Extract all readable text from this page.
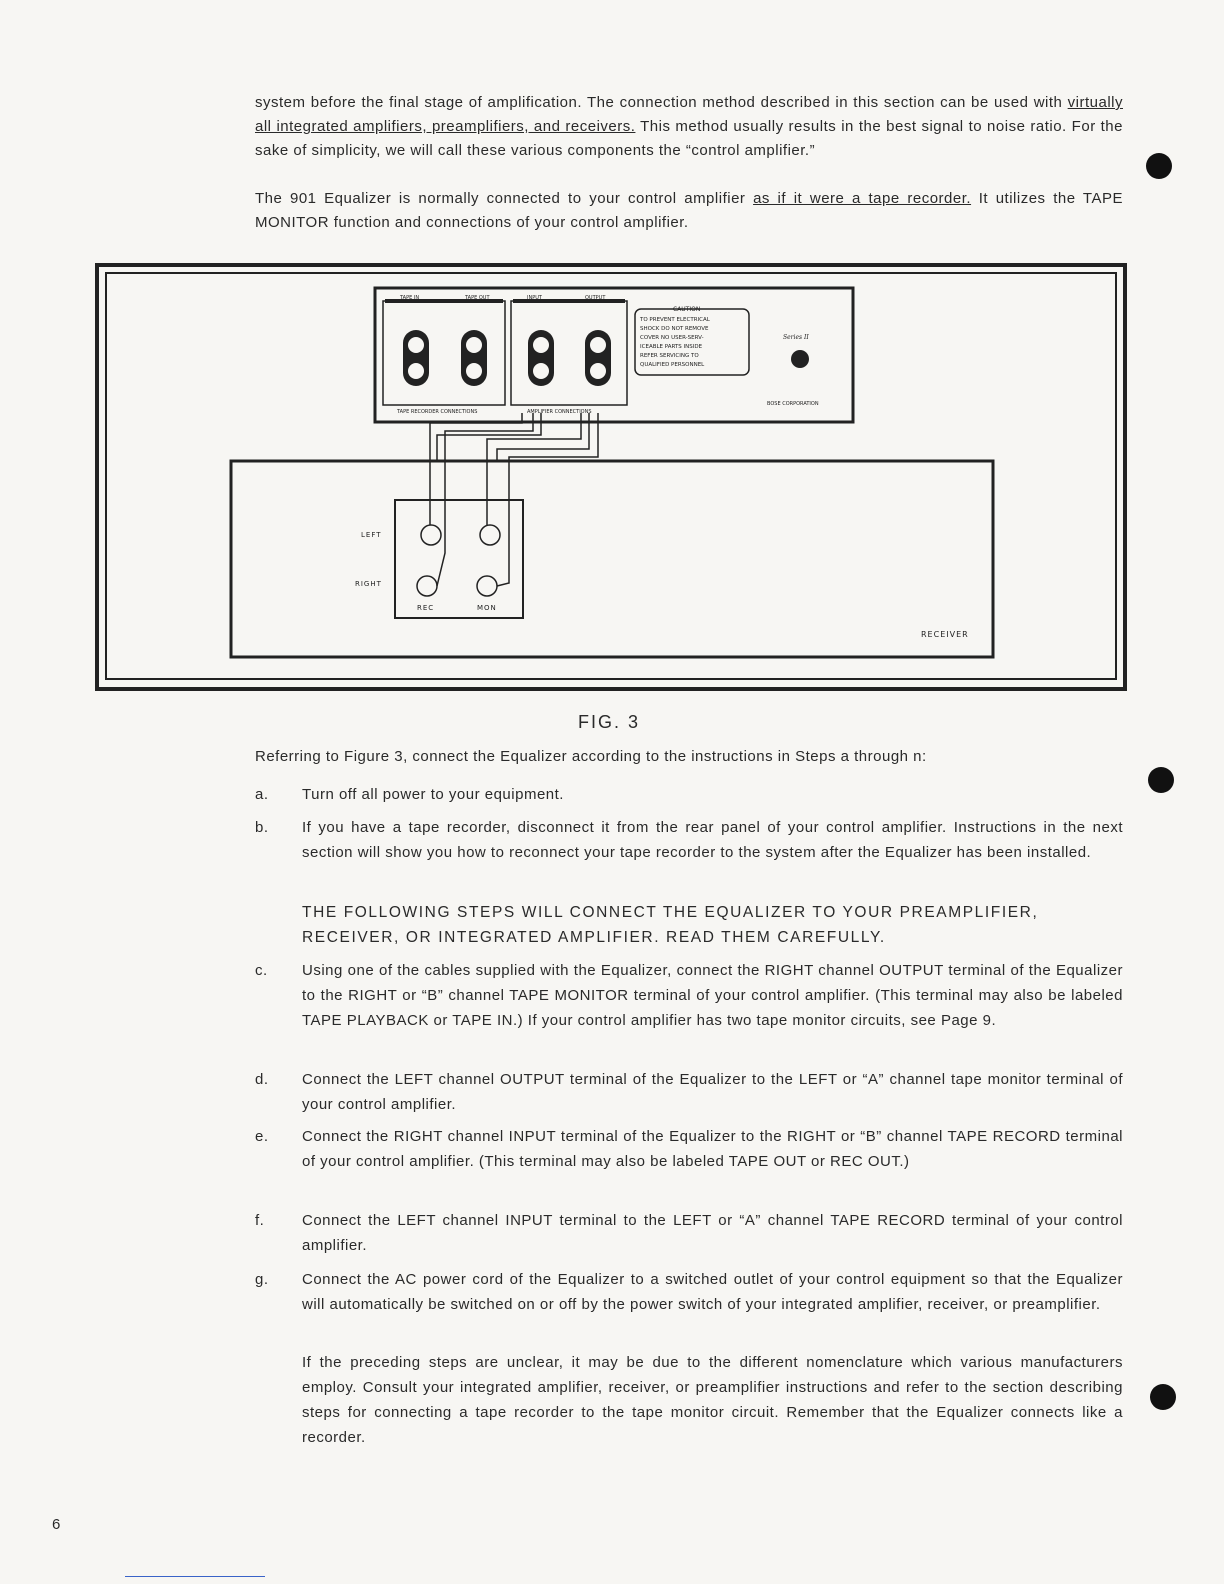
system before the final stage of amplification. The connection method described in this section can be used with virtually all integrated amplifiers, preamplifiers, and receivers. This method usually results in the best signal to noise ratio. For the sake of simplicity, we will call these various components the “control amplifier.”

The 901 Equalizer is normally connected to your control amplifier as if it were a tape recorder. It utilizes the TAPE MONITOR function and connections of your control amplifier.

TAPE IN	TAPE OUT	INPUT	OUTPUT
TAPE RECORDER CONNECTIONS	AMPLIFIER CONNECTIONS
CAUTION
TO PREVENT ELECTRICAL
SHOCK DO NOT REMOVE
COVER NO USER-SERV-
ICEABLE PARTS INSIDE
REFER SERVICING TO
QUALIFIED PERSONNEL
Series II
BOSE CORPORATION
RECEIVER
LEFT
RIGHT
REC	MON
FIG. 3

Referring to Figure 3, connect the Equalizer according to the instructions in Steps a through n:

a. Turn off all power to your equipment.
b. If you have a tape recorder, disconnect it from the rear panel of your control amplifier. Instructions in the next section will show you how to reconnect your tape recorder to the system after the Equalizer has been installed.
THE FOLLOWING STEPS WILL CONNECT THE EQUALIZER TO YOUR PREAMPLIFIER, RECEIVER, OR INTEGRATED AMPLIFIER. READ THEM CAREFULLY.
c. Using one of the cables supplied with the Equalizer, connect the RIGHT channel OUTPUT terminal of the Equalizer to the RIGHT or “B” channel TAPE MONITOR terminal of your control amplifier. (This terminal may also be labeled TAPE PLAYBACK or TAPE IN.) If your control amplifier has two tape monitor circuits, see Page 9.
d. Connect the LEFT channel OUTPUT terminal of the Equalizer to the LEFT or “A” channel tape monitor terminal of your control amplifier.
e. Connect the RIGHT channel INPUT terminal of the Equalizer to the RIGHT or “B” channel TAPE RECORD terminal of your control amplifier. (This terminal may also be labeled TAPE OUT or REC OUT.)
f.	Connect the LEFT channel INPUT terminal to the LEFT or “A” channel TAPE RECORD terminal of your control amplifier.
g. Connect the AC power cord of the Equalizer to a switched outlet of your control equipment so that the Equalizer will automatically be switched on or off by the power switch of your integrated amplifier, receiver, or preamplifier.
If the preceding steps are unclear, it may be due to the different nomenclature which various manufacturers employ. Consult your integrated amplifier, receiver, or preamplifier instructions and refer to the section describing steps for connecting a tape recorder to the tape monitor circuit. Remember that the Equalizer connects like a recorder.
6
